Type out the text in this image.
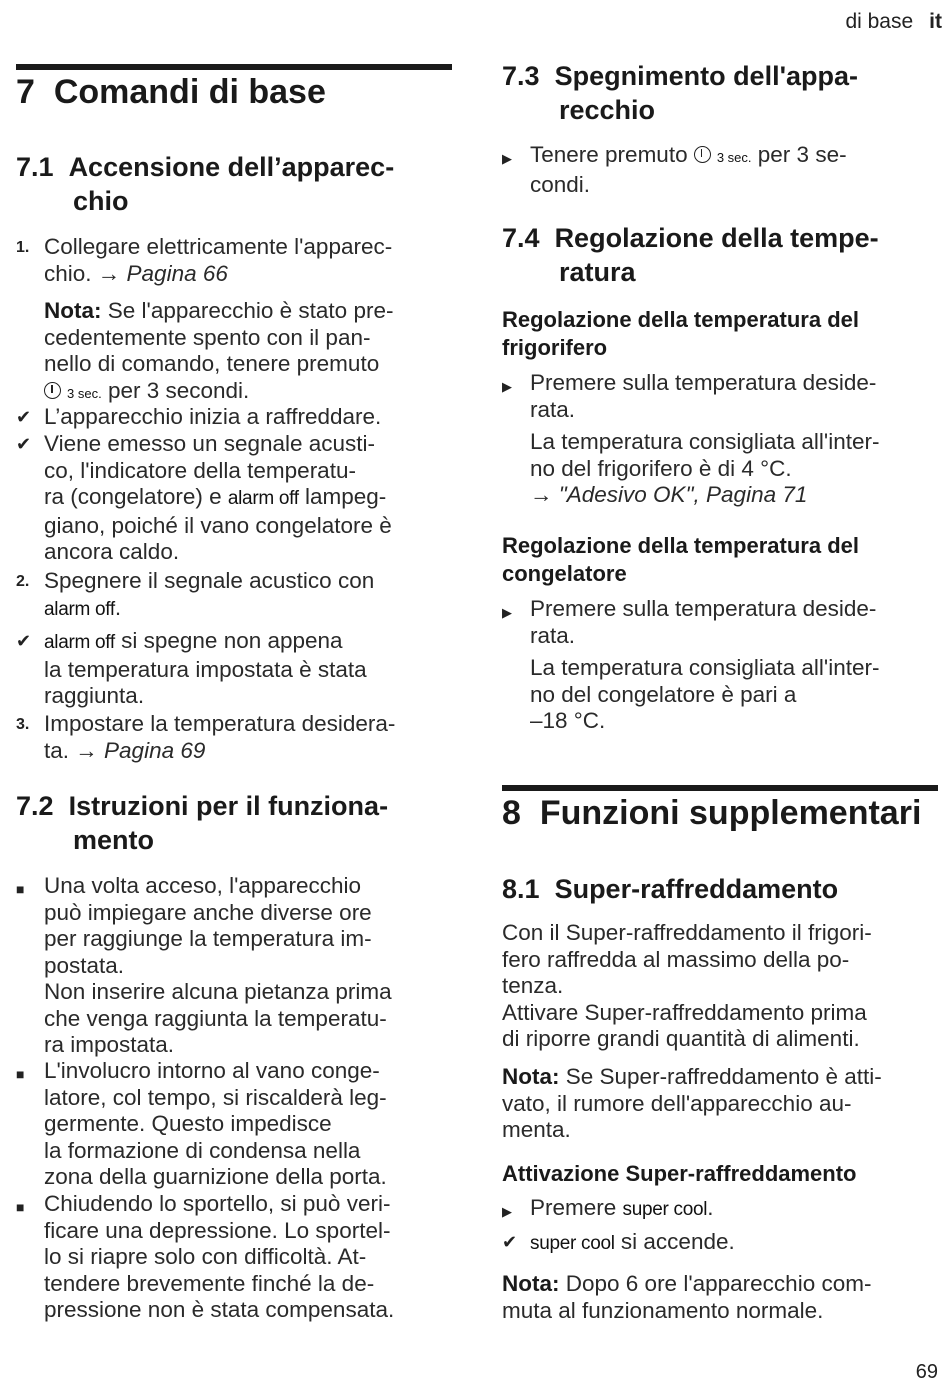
di base it
7 Comandi di base
7.1 Accensione dell’apparec-
chio
1. Collegare elettricamente l'apparec-
chio. → Pagina 66
Nota: Se l'apparecchio è stato pre-
cedentemente spento con il pan-
nello di comando, tenere premuto
3 sec. per 3 secondi.
✔ L’apparecchio inizia a raffreddare.
✔ Viene emesso un segnale acusti-
co, l'indicatore della temperatu-
ra (congelatore) e alarm off lampeg-
giano, poiché il vano congelatore è
ancora caldo.
2. Spegnere il segnale acustico con
alarm off.
✔ alarm off si spegne non appena
la temperatura impostata è stata
raggiunta.
3. Impostare la temperatura desidera-
ta. → Pagina 69
7.2 Istruzioni per il funziona-
mento
■ Una volta acceso, l'apparecchio
può impiegare anche diverse ore
per raggiunge la temperatura im-
postata.
Non inserire alcuna pietanza prima
che venga raggiunta la temperatu-
ra impostata.
■ L'involucro intorno al vano conge-
latore, col tempo, si riscalderà leg-
germente. Questo impedisce
la formazione di condensa nella
zona della guarnizione della porta.
■ Chiudendo lo sportello, si può veri-
ficare una depressione. Lo sportel-
lo si riapre solo con difficoltà. At-
tendere brevemente finché la de-
pressione non è stata compensata.
7.3 Spegnimento dell'appa-
recchio
▶ Tenere premuto 3 sec. per 3 se-
condi.
7.4 Regolazione della tempe-
ratura
Regolazione della temperatura del
frigorifero
▶ Premere sulla temperatura deside-
rata.
La temperatura consigliata all'inter-
no del frigorifero è di 4 °C.
→ "Adesivo OK", Pagina 71
Regolazione della temperatura del
congelatore
▶ Premere sulla temperatura deside-
rata.
La temperatura consigliata all'inter-
no del congelatore è pari a
–18 °C.
8 Funzioni supplementari
8.1 Super-raffreddamento
Con il Super-raffreddamento il frigori-
fero raffredda al massimo della po-
tenza.
Attivare Super-raffreddamento prima
di riporre grandi quantità di alimenti.
Nota: Se Super-raffreddamento è atti-
vato, il rumore dell'apparecchio au-
menta.
Attivazione Super-raffreddamento
▶ Premere super cool.
✔ super cool si accende.
Nota: Dopo 6 ore l'apparecchio com-
muta al funzionamento normale.
69
